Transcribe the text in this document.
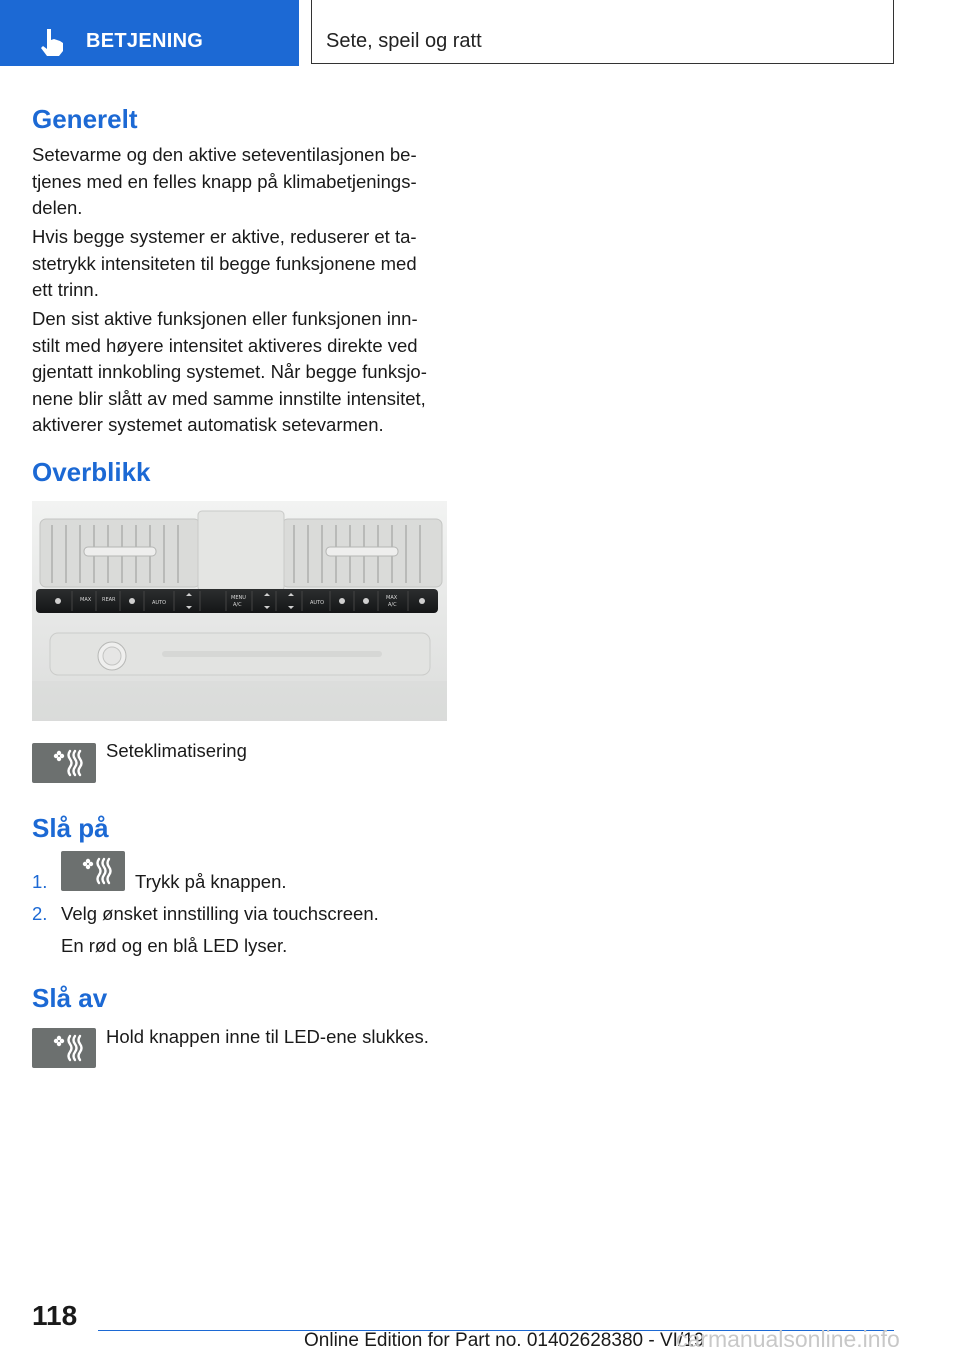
BETJENING	Sete, speil og ratt
Generelt
Setevarme og den aktive seteventilasjonen be-
tjenes med en felles knapp på klimabetjenings-
delen.
Hvis begge systemer er aktive, reduserer et ta-
stetrykk intensiteten til begge funksjonene med
ett trinn.
Den sist aktive funksjonen eller funksjonen inn-
stilt med høyere intensitet aktiveres direkte ved
gjentatt innkobling systemet. Når begge funksjo-
nene blir slått av med samme innstilte intensitet,
aktiverer systemet automatisk setevarmen.
Overblikk
MAX REAR	AUTO
MENU
A/C	AUTO
MAX
A/C
Seteklimatisering
Slå på
1.	Trykk på knappen.
2. Velg ønsket innstilling via touchscreen.
En rød og en blå LED lyser.
Slå av
Hold knappen inne til LED-ene slukkes.
118
Online Edition for Part no. 01402628380 - VI/19
carmanualsonline.info
